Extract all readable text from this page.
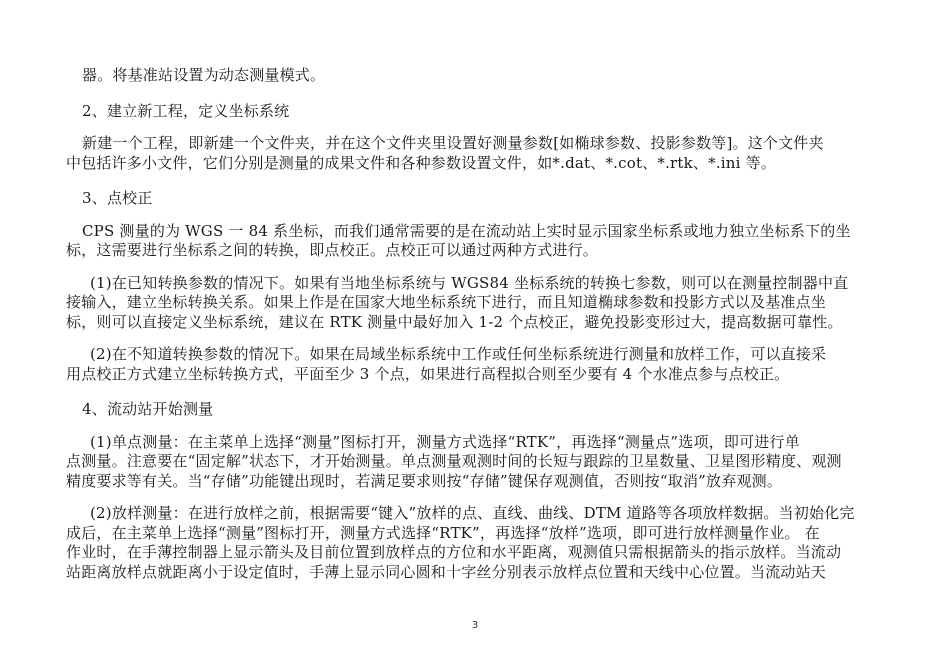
器。将基准站设置为动态测量模式。

2、建立新工程，定义坐标系统

新建一个工程，即新建一个文件夹，并在这个文件夹里设置好测量参数[如椭球参数、投影参数等]。这个文件夹
中包括许多小文件，它们分别是测量的成果文件和各种参数设置文件，如*.dat、*.cot、*.rtk、*.ini 等。

3、点校正

CPS 测量的为 WGS 一 84 系坐标，而我们通常需要的是在流动站上实时显示国家坐标系或地力独立坐标系下的坐
标，这需要进行坐标系之间的转换，即点校正。点校正可以通过两种方式进行。

(1)在已知转换参数的情况下。如果有当地坐标系统与 WGS84 坐标系统的转换七参数，则可以在测量控制器中直
接输入，建立坐标转换关系。如果上作是在国家大地坐标系统下进行，而且知道椭球参数和投影方式以及基准点坐
标，则可以直接定义坐标系统，建议在 RTK 测量中最好加入 1-2 个点校正，避免投影变形过大，提高数据可靠性。

(2)在不知道转换参数的情况下。如果在局域坐标系统中工作或任何坐标系统进行测量和放样工作，可以直接采
用点校正方式建立坐标转换方式，平面至少 3 个点，如果进行高程拟合则至少要有 4 个水准点参与点校正。

4、流动站开始测量

(1)单点测量：在主菜单上选择“测量”图标打开，测量方式选择“RTK”，再选择“测量点”选项，即可进行单
点测量。注意要在“固定解”状态下，才开始测量。单点测量观测时间的长短与跟踪的卫星数量、卫星图形精度、观测
精度要求等有关。当“存储”功能键出现时，若满足要求则按“存储”键保存观测值，否则按“取消”放弃观测。

(2)放样测量：在进行放样之前，根据需要“键入”放样的点、直线、曲线、DTM 道路等各项放样数据。当初始化完
成后，在主菜单上选择“测量”图标打开，测量方式选择“RTK”，再选择“放样”选项，即可进行放样测量作业。 在
作业时，在手薄控制器上显示箭头及目前位置到放样点的方位和水平距离，观测值只需根据箭头的指示放样。当流动
站距离放样点就距离小于设定值时，手薄上显示同心圆和十字丝分别表示放样点位置和天线中心位置。当流动站天

3
